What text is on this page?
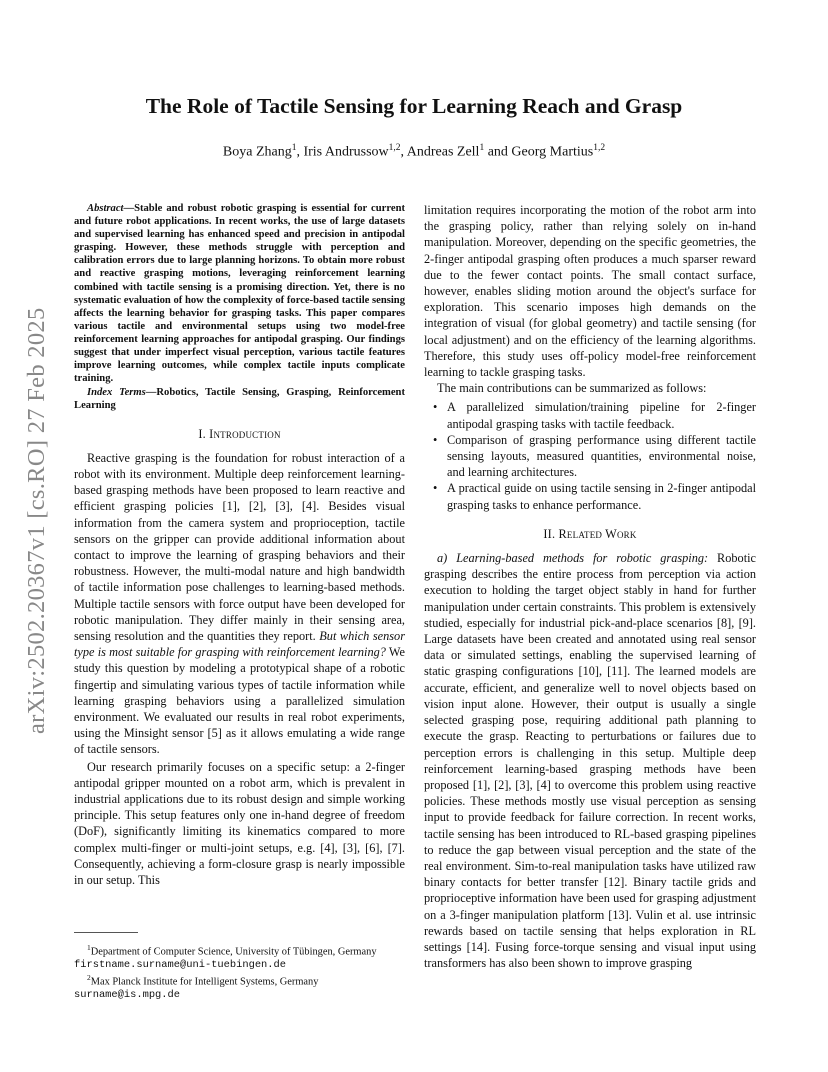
arXiv:2502.20367v1 [cs.RO] 27 Feb 2025
The Role of Tactile Sensing for Learning Reach and Grasp
Boya Zhang$^1$, Iris Andrussow$^{1,2}$, Andreas Zell$^1$ and Georg Martius$^{1,2}$

Abstract—Stable and robust robotic grasping is essential for current and future robot applications. In recent works, the use of large datasets and supervised learning has enhanced speed and precision in antipodal grasping. However, these methods struggle with perception and calibration errors due to large planning horizons. To obtain more robust and reactive grasping motions, leveraging reinforcement learning combined with tactile sensing is a promising direction. Yet, there is no systematic evaluation of how the complexity of force-based tactile sensing affects the learning behavior for grasping tasks. This paper compares various tactile and environmental setups using two model-free reinforcement learning approaches for antipodal grasping. Our findings suggest that under imperfect visual perception, various tactile features improve learning outcomes, while complex tactile inputs complicate training.

Index Terms—Robotics, Tactile Sensing, Grasping, Reinforcement Learning

I. Introduction

Reactive grasping is the foundation for robust interaction of a robot with its environment. Multiple deep reinforcement learning-based grasping methods have been proposed to learn reactive and efficient grasping policies [1], [2], [3], [4]. Besides visual information from the camera system and proprioception, tactile sensors on the gripper can provide additional information about contact to improve the learning of grasping behaviors and their robustness. However, the multi-modal nature and high bandwidth of tactile information pose challenges to learning-based methods. Multiple tactile sensors with force output have been developed for robotic manipulation. They differ mainly in their sensing area, sensing resolution and the quantities they report. But which sensor type is most suitable for grasping with reinforcement learning? We study this question by modeling a prototypical shape of a robotic fingertip and simulating various types of tactile information while learning grasping behaviors using a parallelized simulation environment. We evaluated our results in real robot experiments, using the Minsight sensor [5] as it allows emulating a wide range of tactile sensors.

Our research primarily focuses on a specific setup: a 2-finger antipodal gripper mounted on a robot arm, which is prevalent in industrial applications due to its robust design and simple working principle. This setup features only one in-hand degree of freedom (DoF), significantly limiting its kinematics compared to more complex multi-finger or multi-joint setups, e.g. [4], [3], [6], [7]. Consequently, achieving a form-closure grasp is nearly impossible in our setup. This

$^1$Department of Computer Science, University of Tübingen, Germany
firstname.surname@uni-tuebingen.de

$^2$Max Planck Institute for Intelligent Systems, Germany
surname@is.mpg.de

limitation requires incorporating the motion of the robot arm into the grasping policy, rather than relying solely on in-hand manipulation. Moreover, depending on the specific geometries, the 2-finger antipodal grasping often produces a much sparser reward due to the fewer contact points. The small contact surface, however, enables sliding motion around the object's surface for exploration. This scenario imposes high demands on the integration of visual (for global geometry) and tactile sensing (for local adjustment) and on the efficiency of the learning algorithms. Therefore, this study uses off-policy model-free reinforcement learning to tackle grasping tasks.

The main contributions can be summarized as follows:

• A parallelized simulation/training pipeline for 2-finger antipodal grasping tasks with tactile feedback.
• Comparison of grasping performance using different tactile sensing layouts, measured quantities, environmental noise, and learning architectures.
• A practical guide on using tactile sensing in 2-finger antipodal grasping tasks to enhance performance.
II. Related Work

a) Learning-based methods for robotic grasping: Robotic grasping describes the entire process from perception via action execution to holding the target object stably in hand for further manipulation under certain constraints. This problem is extensively studied, especially for industrial pick-and-place scenarios [8], [9]. Large datasets have been created and annotated using real sensor data or simulated settings, enabling the supervised learning of static grasping configurations [10], [11]. The learned models are accurate, efficient, and generalize well to novel objects based on vision input alone. However, their output is usually a single selected grasping pose, requiring additional path planning to execute the grasp. Reacting to perturbations or failures due to perception errors is challenging in this setup. Multiple deep reinforcement learning-based grasping methods have been proposed [1], [2], [3], [4] to overcome this problem using reactive policies. These methods mostly use visual perception as sensing input to provide feedback for failure correction. In recent works, tactile sensing has been introduced to RL-based grasping pipelines to reduce the gap between visual perception and the state of the real environment. Sim-to-real manipulation tasks have utilized raw binary contacts for better transfer [12]. Binary tactile grids and proprioceptive information have been used for grasping adjustment on a 3-finger manipulation platform [13]. Vulin et al. use intrinsic rewards based on tactile sensing that helps exploration in RL settings [14]. Fusing force-torque sensing and visual input using transformers has also been shown to improve grasping
